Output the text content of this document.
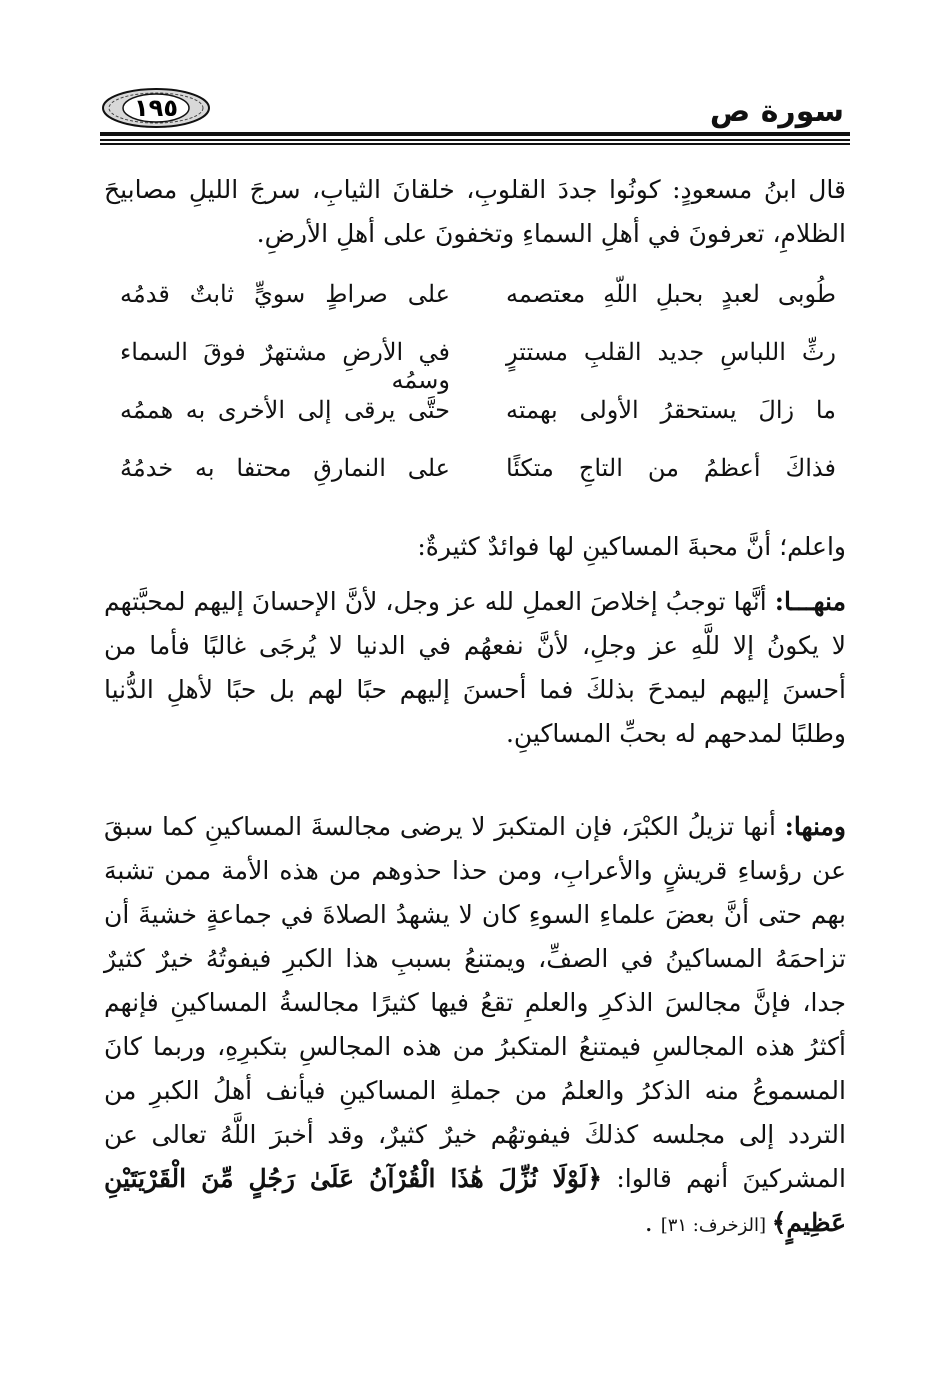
١٩٥	سورة ص
قال ابنُ مسعودٍ: كونُوا جددَ القلوبِ، خلقانَ الثيابِ، سرجَ الليلِ مصابيحَ الظلامِ، تعرفونَ في أهلِ السماءِ وتخفونَ على أهلِ الأرضِ.
طُوبى لعبدٍ بحبلِ اللّهِ معتصمه
على صراطٍ سويٍّ ثابتٌ قدمُه
رثِّ اللباسِ جديد القلبِ مستترٍ
في الأرضِ مشتهرٌ فوقَ السماء وسمُه
ما زالَ يستحقرُ الأولى بهمته
حتَّى يرقى إلى الأخرى به هممُه
فذاكَ أعظمُ من التاجِ متكئًا
على النمارقِ محتفا به خدمُهُ
واعلم؛ أنَّ محبةَ المساكينِ لها فوائدٌ كثيرةٌ:
منهـــا: أنَّها توجبُ إخلاصَ العملِ لله عز وجل، لأنَّ الإحسانَ إليهم لمحبَّتهم لا يكونُ إلا للَّهِ عز وجلِ، لأنَّ نفعهُم في الدنيا لا يُرجَى غالبًا فأما من أحسنَ إليهم ليمدحَ بذلكَ فما أحسنَ إليهم حبًا لهم بل حبًا لأهلِ الدُّنيا وطلبًا لمدحهم له بحبِّ المساكينِ.
ومنها: أنها تزيلُ الكبْرَ، فإن المتكبرَ لا يرضى مجالسةَ المساكينِ كما سبقَ عن رؤساءِ قريشٍ والأعرابِ، ومن حذا حذوهم من هذه الأمة ممن تشبهَ بهم حتى أنَّ بعضَ علماءِ السوءِ كان لا يشهدُ الصلاةَ في جماعةٍ خشيةَ أن تزاحمَهُ المساكينُ في الصفِّ، ويمتنعُ بسببِ هذا الكبرِ فيفوتُهُ خيرٌ كثيرٌ جدا، فإنَّ مجالسَ الذكرِ والعلمِ تقعُ فيها كثيرًا مجالسةُ المساكينِ فإنهم أكثرُ هذه المجالسِ فيمتنعُ المتكبرُ من هذه المجالسِ بتكبرِهِ، وربما كانَ المسموعُ منه الذكرُ والعلمُ من جملةِ المساكينِ فيأنف أهلُ الكبرِ من التردد إلى مجلسه كذلكَ فيفوتهُم خيرٌ كثيرٌ، وقد أخبرَ اللَّهُ تعالى عن المشركينَ أنهم قالوا: ﴿لَوْلَا نُزِّلَ هَٰذَا الْقُرْآنُ عَلَىٰ رَجُلٍ مِّنَ الْقَرْيَتَيْنِ عَظِيمٍ﴾ [الزخرف: ٣١] .
